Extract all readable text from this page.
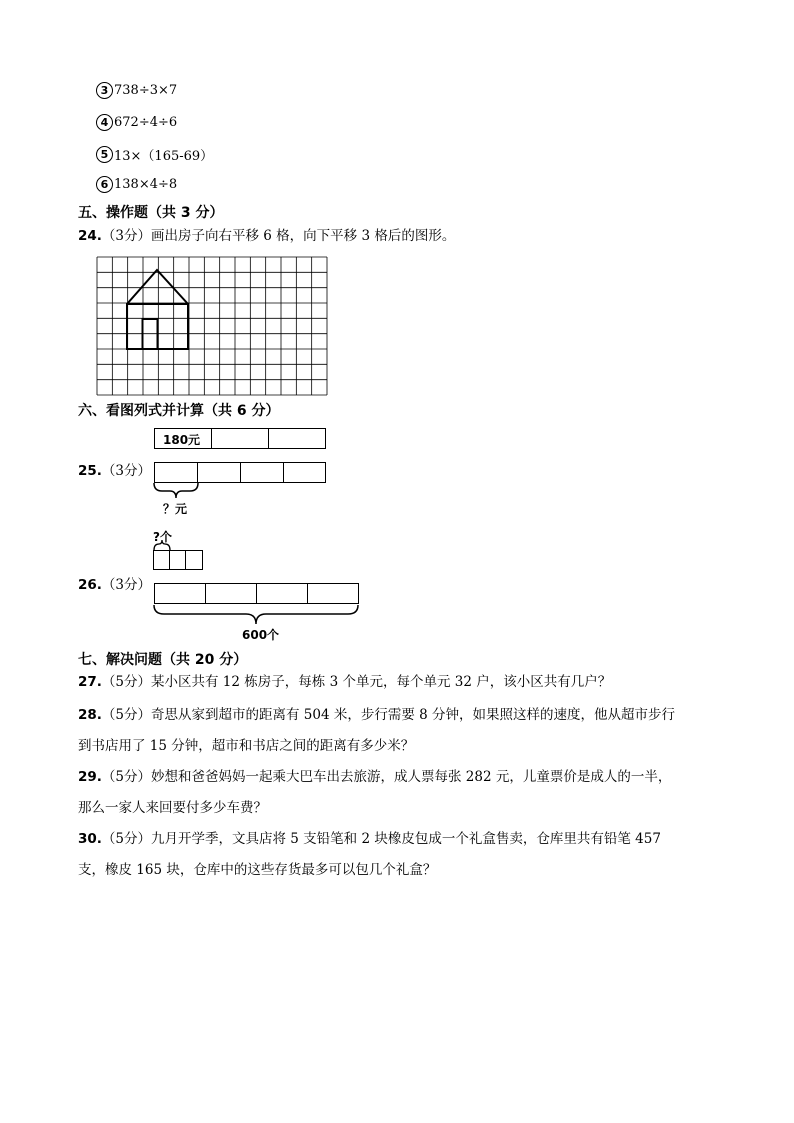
3 738÷3×7
4 672÷4÷6
5 13×（165-69）
6 138×4÷8
五、操作题（共 3 分）
24.（3分）画出房子向右平移 6 格，向下平移 3 格后的图形。
六、看图列式并计算（共 6 分）
25.（3分）
180元
？元
?个
26.（3分）
600个
七、解决问题（共 20 分）
27.（5分）某小区共有 12 栋房子，每栋 3 个单元，每个单元 32 户，该小区共有几户？
28.（5分）奇思从家到超市的距离有 504 米，步行需要 8 分钟，如果照这样的速度，他从超市步行
到书店用了 15 分钟，超市和书店之间的距离有多少米？
29.（5分）妙想和爸爸妈妈一起乘大巴车出去旅游，成人票每张 282 元，儿童票价是成人的一半，
那么一家人来回要付多少车费？
30.（5分）九月开学季，文具店将 5 支铅笔和 2 块橡皮包成一个礼盒售卖，仓库里共有铅笔 457
支，橡皮 165 块，仓库中的这些存货最多可以包几个礼盒？
